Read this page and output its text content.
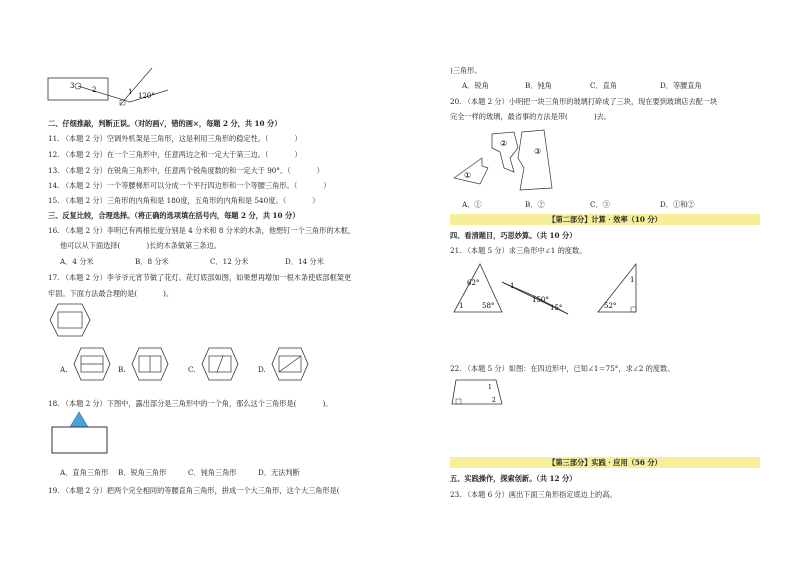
3	2	1 120°
二、仔细推敲，判断正误。（对的画√，错的画×，每题 2 分，共 10 分）
11. （本题 2 分）空调外机架是三角形，这是利用三角形的稳定性。（	）
12. （本题 2 分）在一个三角形中，任意两边之和一定大于第三边。（	）
13. （本题 2 分）在锐角三角形中，任意两个锐角度数的和一定大于 90°。（	）
14. （本题 2 分）一个等腰梯形可以分成一个平行四边形和一个等腰三角形。（	）
15. （本题 2 分）三角形的内角和是 180度，五角形的内角和是 540度。（	）
三、反复比较，合理选择。（将正确的选项填在括号内，每题 2 分，共 10 分）
16. （本题 2 分）李明已有两根长度分别是 4 分米和 8 分米的木条，他想钉一个三角形的木框，
他可以从下面选择(	)长的木条做第三条边。
A．4 分米	B．8 分米	C．12 分米	D．14 分米
17. （本题 2 分）李爷爷元宵节做了花灯。花灯底部如图，如果想再增加一根木条使底部框架更
牢固。下面方法最合理的是(	)。
A.	B.	C.	D.
18. （本题 2 分）下图中，露出部分是三角形中的一个角，那么这个三角形是(	)。
A．直角三角形 B．锐角三角形	C．钝角三角形	D．无法判断
19. （本题 2 分）把两个完全相同的等腰直角三角形，拼成一个大三角形，这个大三角形是(
)三角形。
A．锐角	B．钝角	C．直角	D．等腰直角
20. （本题 2 分）小明把一块三角形的玻璃打碎成了三块，现在要到玻璃店去配一块
完全一样的玻璃，最省事的方法是带(	)去。
①
②
③
A．①	B．②	C．③	D．①和②
【第二部分】计算 · 效率（10 分）
四、看清题目，巧思妙算。（共 10 分）
21. （本题 5 分）求三角形中∠1 的度数。
62°
1	58°
150°
1
15°
1
52°
22. （本题 5 分）如图：在四边形中，已知∠1＝75°，求∠2 的度数。
1
2
【第三部分】实践 · 应用（56 分）
五、实践操作，探索创新。（共 12 分）
23. （本题 6 分）画出下面三角形指定底边上的高。
